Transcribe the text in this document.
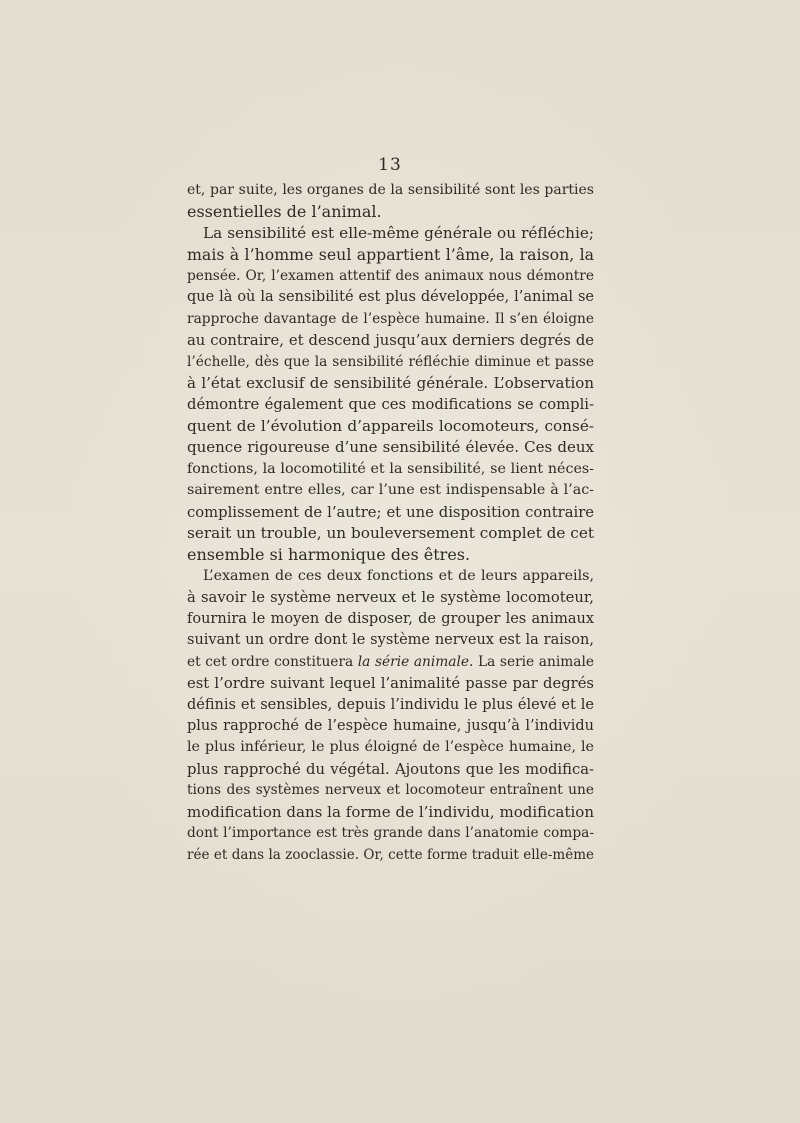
13
et, par suite, les organes de la sensibilité sont les parties
essentielles de l’animal.
La sensibilité est elle-même générale ou réfléchie;
mais à l’homme seul appartient l’âme, la raison, la
pensée. Or, l’examen attentif des animaux nous démontre
que là où la sensibilité est plus développée, l’animal se
rapproche davantage de l’espèce humaine. Il s’en éloigne
au contraire, et descend jusqu’aux derniers degrés de
l’échelle, dès que la sensibilité réfléchie diminue et passe
à l’état exclusif de sensibilité générale. L’observation
démontre également que ces modifications se compli-
quent de l’évolution d’appareils locomoteurs, consé-
quence rigoureuse d’une sensibilité élevée. Ces deux
fonctions, la locomotilité et la sensibilité, se lient néces-
sairement entre elles, car l’une est indispensable à l’ac-
complissement de l’autre; et une disposition contraire
serait un trouble, un bouleversement complet de cet
ensemble si harmonique des êtres.
L’examen de ces deux fonctions et de leurs appareils,
à savoir le système nerveux et le système locomoteur,
fournira le moyen de disposer, de grouper les animaux
suivant un ordre dont le système nerveux est la raison,
et cet ordre constituera la série animale. La serie animale
est l’ordre suivant lequel l’animalité passe par degrés
définis et sensibles, depuis l’individu le plus élevé et le
plus rapproché de l’espèce humaine, jusqu’à l’individu
le plus inférieur, le plus éloigné de l’espèce humaine, le
plus rapproché du végétal. Ajoutons que les modifica-
tions des systèmes nerveux et locomoteur entraînent une
modification dans la forme de l’individu, modification
dont l’importance est très grande dans l’anatomie compa-
rée et dans la zooclassie. Or, cette forme traduit elle-même
